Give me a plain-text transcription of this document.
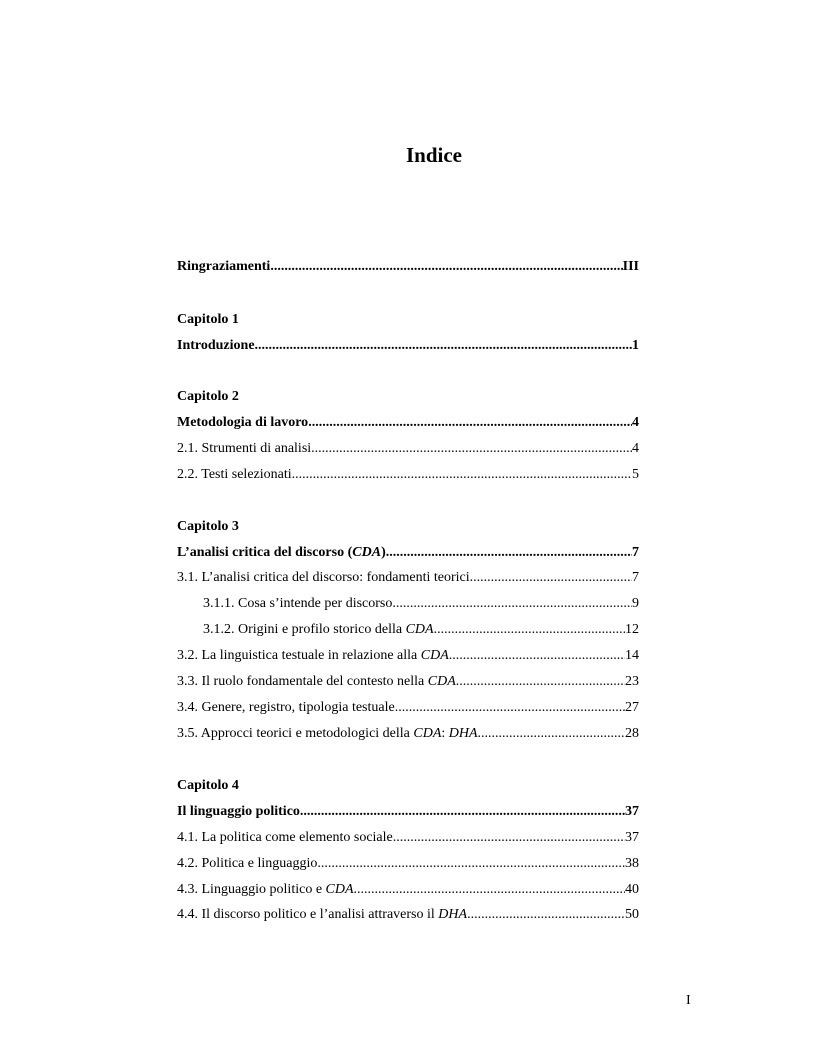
Indice
Ringraziamenti .....	III
Capitolo 1
Introduzione .....	1
Capitolo 2
Metodologia di lavoro .....	4
2.1. Strumenti di analisi .....	4
2.2. Testi selezionati .....	5
Capitolo 3
L’analisi critica del discorso (CDA) .....	7
3.1. L’analisi critica del discorso: fondamenti teorici .....	7
3.1.1. Cosa s’intende per discorso .....	9
3.1.2. Origini e profilo storico della CDA .....	12
3.2. La linguistica testuale in relazione alla CDA .....	14
3.3. Il ruolo fondamentale del contesto nella CDA .....	23
3.4. Genere, registro, tipologia testuale .....	27
3.5. Approcci teorici e metodologici della CDA: DHA .....	28
Capitolo 4
Il linguaggio politico .....	37
4.1. La politica come elemento sociale .....	37
4.2. Politica e linguaggio .....	38
4.3. Linguaggio politico e CDA .....	40
4.4. Il discorso politico e l’analisi attraverso il DHA .....	50
I
